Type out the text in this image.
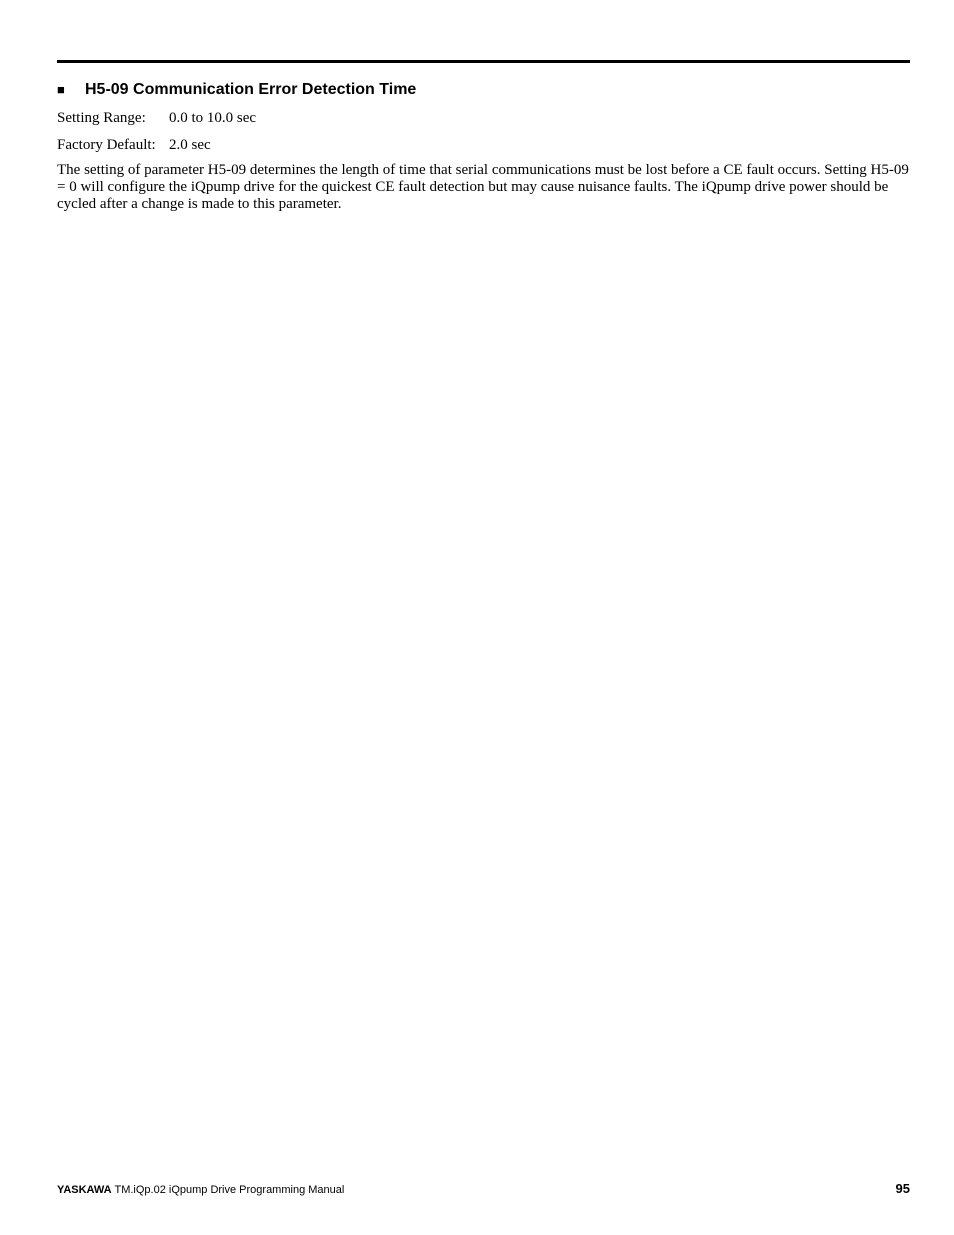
■ H5-09 Communication Error Detection Time
Setting Range: 0.0 to 10.0 sec
Factory Default: 2.0 sec

The setting of parameter H5-09 determines the length of time that serial communications must be lost before a CE fault occurs. Setting H5-09 = 0 will configure the iQpump drive for the quickest CE fault detection but may cause nuisance faults. The iQpump drive power should be cycled after a change is made to this parameter.

YASKAWA TM.iQp.02 iQpump Drive Programming Manual	95
